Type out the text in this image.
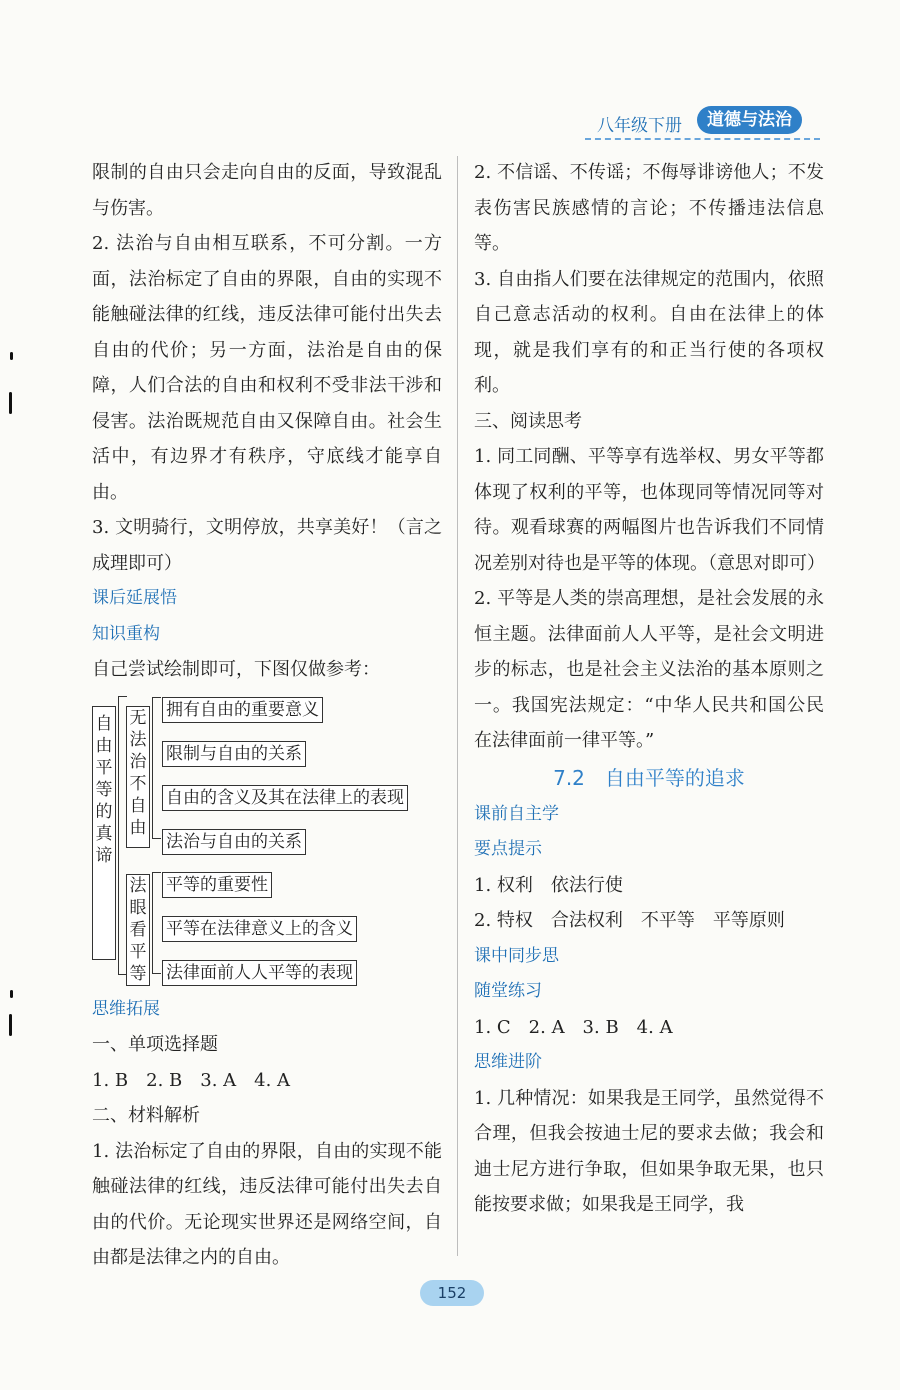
八年级下册	道德与法治
限制的自由只会走向自由的反面，导致混乱与伤害。
2. 法治与自由相互联系，不可分割。一方面，法治标定了自由的界限，自由的实现不能触碰法律的红线，违反法律可能付出失去自由的代价；另一方面，法治是自由的保障，人们合法的自由和权利不受非法干涉和侵害。法治既规范自由又保障自由。社会生活中，有边界才有秩序，守底线才能享自由。
3. 文明骑行，文明停放，共享美好！（言之成理即可）
课后延展悟
知识重构
自己尝试绘制即可，下图仅做参考：
自由平等的真谛
无法治不自由
拥有自由的重要意义
限制与自由的关系
自由的含义及其在法律上的表现
法治与自由的关系
法眼看平等
平等的重要性
平等在法律意义上的含义
法律面前人人平等的表现
思维拓展
一、单项选择题
1. B　2. B　3. A　4. A
二、材料解析
1. 法治标定了自由的界限，自由的实现不能触碰法律的红线，违反法律可能付出失去自由的代价。无论现实世界还是网络空间，自由都是法律之内的自由。
2. 不信谣、不传谣；不侮辱诽谤他人；不发表伤害民族感情的言论；不传播违法信息等。
3. 自由指人们要在法律规定的范围内，依照自己意志活动的权利。自由在法律上的体现，就是我们享有的和正当行使的各项权利。
三、阅读思考
1. 同工同酬、平等享有选举权、男女平等都体现了权利的平等，也体现同等情况同等对待。观看球赛的两幅图片也告诉我们不同情况差别对待也是平等的体现。（意思对即可）
2. 平等是人类的崇高理想，是社会发展的永恒主题。法律面前人人平等，是社会文明进步的标志，也是社会主义法治的基本原则之一。我国宪法规定：“中华人民共和国公民在法律面前一律平等。”
7.2　自由平等的追求
课前自主学
要点提示
1. 权利　依法行使
2. 特权　合法权利　不平等　平等原则
课中同步思
随堂练习
1. C　2. A　3. B　4. A
思维进阶
1. 几种情况：如果我是王同学，虽然觉得不合理，但我会按迪士尼的要求去做；我会和迪士尼方进行争取，但如果争取无果，也只能按要求做；如果我是王同学，我
152
